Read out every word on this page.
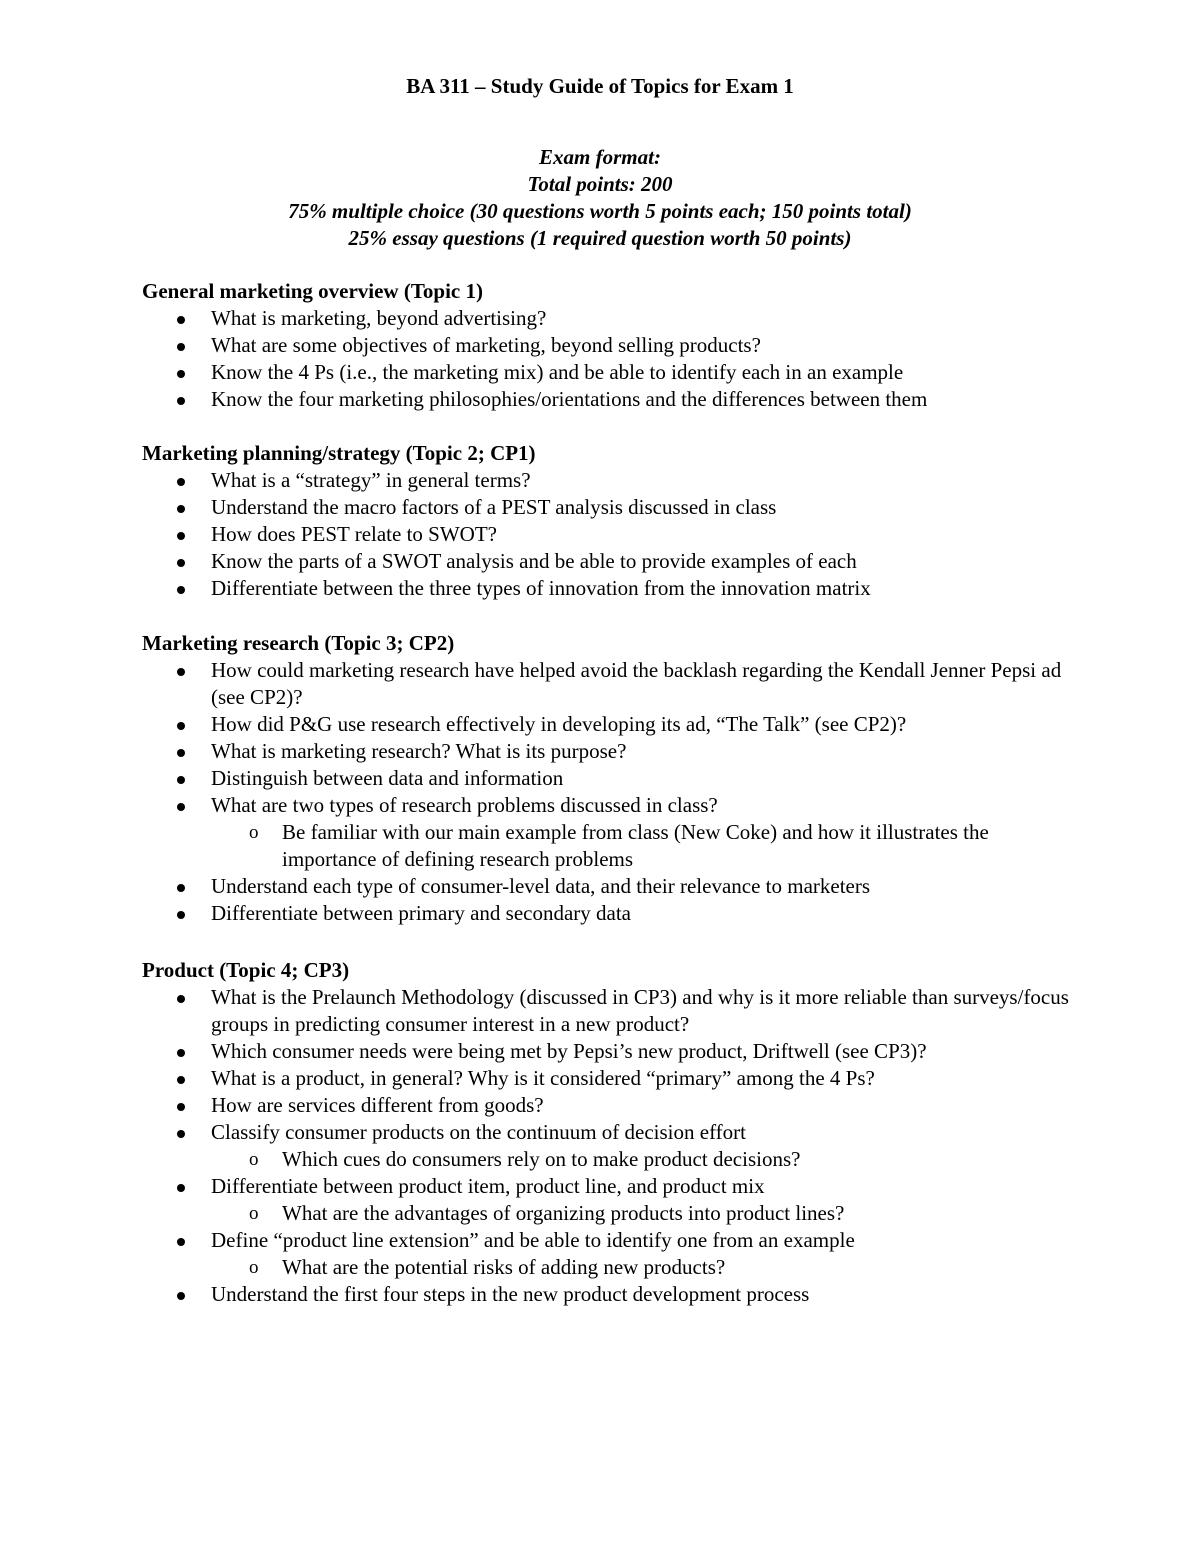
BA 311 – Study Guide of Topics for Exam 1
Exam format:
Total points: 200
75% multiple choice (30 questions worth 5 points each; 150 points total)
25% essay questions (1 required question worth 50 points)
General marketing overview (Topic 1)
What is marketing, beyond advertising?
What are some objectives of marketing, beyond selling products?
Know the 4 Ps (i.e., the marketing mix) and be able to identify each in an example
Know the four marketing philosophies/orientations and the differences between them
Marketing planning/strategy (Topic 2; CP1)
What is a “strategy” in general terms?
Understand the macro factors of a PEST analysis discussed in class
How does PEST relate to SWOT?
Know the parts of a SWOT analysis and be able to provide examples of each
Differentiate between the three types of innovation from the innovation matrix
Marketing research (Topic 3; CP2)
How could marketing research have helped avoid the backlash regarding the Kendall Jenner Pepsi ad (see CP2)?
How did P&G use research effectively in developing its ad, “The Talk” (see CP2)?
What is marketing research? What is its purpose?
Distinguish between data and information
What are two types of research problems discussed in class?
o Be familiar with our main example from class (New Coke) and how it illustrates the importance of defining research problems
Understand each type of consumer-level data, and their relevance to marketers
Differentiate between primary and secondary data
Product (Topic 4; CP3)
What is the Prelaunch Methodology (discussed in CP3) and why is it more reliable than surveys/focus groups in predicting consumer interest in a new product?
Which consumer needs were being met by Pepsi’s new product, Driftwell (see CP3)?
What is a product, in general? Why is it considered “primary” among the 4 Ps?
How are services different from goods?
Classify consumer products on the continuum of decision effort
o Which cues do consumers rely on to make product decisions?
Differentiate between product item, product line, and product mix
o What are the advantages of organizing products into product lines?
Define “product line extension” and be able to identify one from an example
o What are the potential risks of adding new products?
Understand the first four steps in the new product development process
